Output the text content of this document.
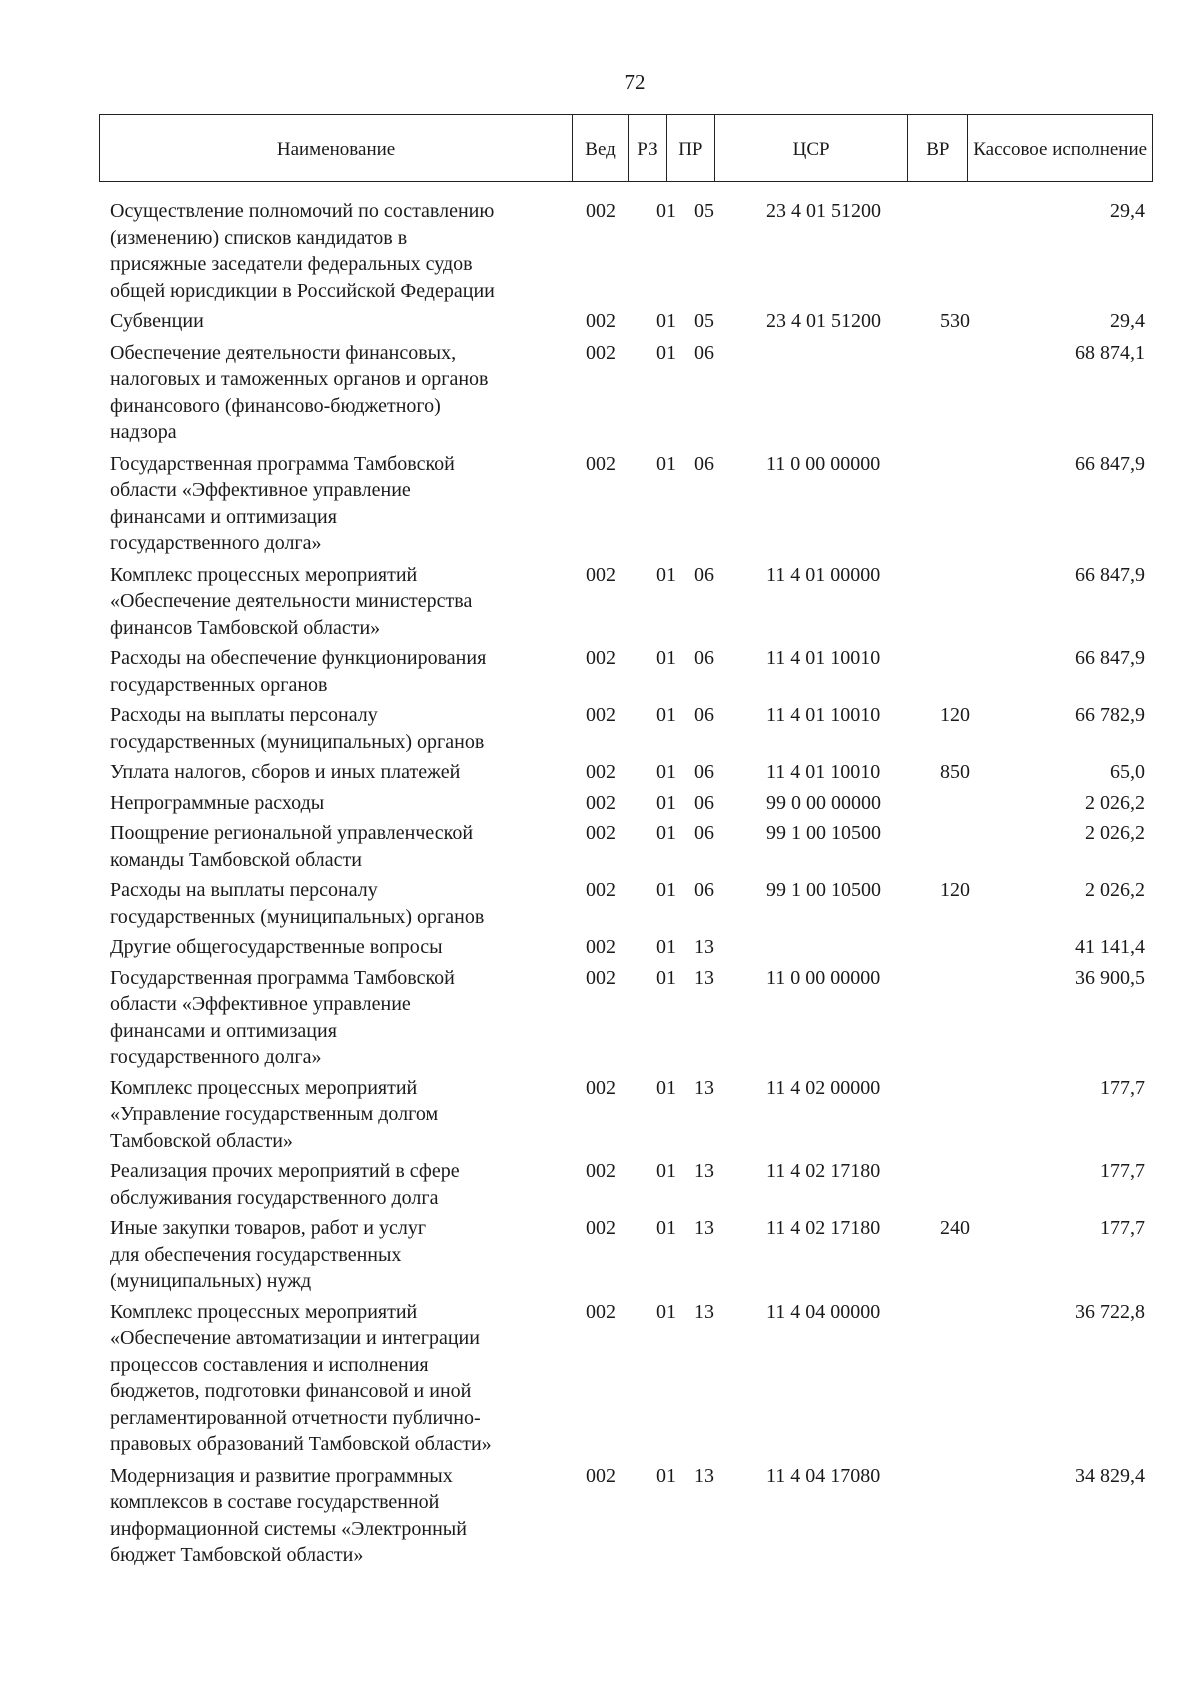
72
Наименование	Вед	РЗ	ПР	ЦСР	ВР	Кассовое исполнение
Осуществление полномочий по составлению
(изменению) списков кандидатов в
присяжные заседатели федеральных судов
общей юрисдикции в Российской Федерации
002 01 05	23 4 01 51200	29,4
Субвенции	002 01 05	23 4 01 51200	530	29,4
Обеспечение деятельности финансовых,
налоговых и таможенных органов и органов
финансового (финансово-бюджетного)
надзора
002 01 06	68 874,1
Государственная программа Тамбовской
области «Эффективное управление
финансами и оптимизация
государственного долга»
002 01 06	11 0 00 00000	66 847,9
Комплекс процессных мероприятий
«Обеспечение деятельности министерства
финансов Тамбовской области»
002 01 06	11 4 01 00000	66 847,9
Расходы на обеспечение функционирования
государственных органов
002 01 06	11 4 01 10010	66 847,9
Расходы на выплаты персоналу
государственных (муниципальных) органов
002 01 06	11 4 01 10010	120	66 782,9
Уплата налогов, сборов и иных платежей	002 01 06	11 4 01 10010	850	65,0
Непрограммные расходы	002 01 06	99 0 00 00000	2 026,2
Поощрение региональной управленческой
команды Тамбовской области
002 01 06	99 1 00 10500	2 026,2
Расходы на выплаты персоналу
государственных (муниципальных) органов
002 01 06	99 1 00 10500	120	2 026,2
Другие общегосударственные вопросы	002 01 13	41 141,4
Государственная программа Тамбовской
области «Эффективное управление
финансами и оптимизация
государственного долга»
002 01 13	11 0 00 00000	36 900,5
Комплекс процессных мероприятий
«Управление государственным долгом
Тамбовской области»
002 01 13	11 4 02 00000	177,7
Реализация прочих мероприятий в сфере
обслуживания государственного долга
002 01 13	11 4 02 17180	177,7
Иные закупки товаров, работ и услуг
для обеспечения государственных
(муниципальных) нужд
002 01 13	11 4 02 17180	240	177,7
Комплекс процессных мероприятий
«Обеспечение автоматизации и интеграции
процессов составления и исполнения
бюджетов, подготовки финансовой и иной
регламентированной отчетности публично-
правовых образований Тамбовской области»
002 01 13	11 4 04 00000	36 722,8
Модернизация и развитие программных
комплексов в составе государственной
информационной системы «Электронный
бюджет Тамбовской области»
002 01 13	11 4 04 17080	34 829,4
